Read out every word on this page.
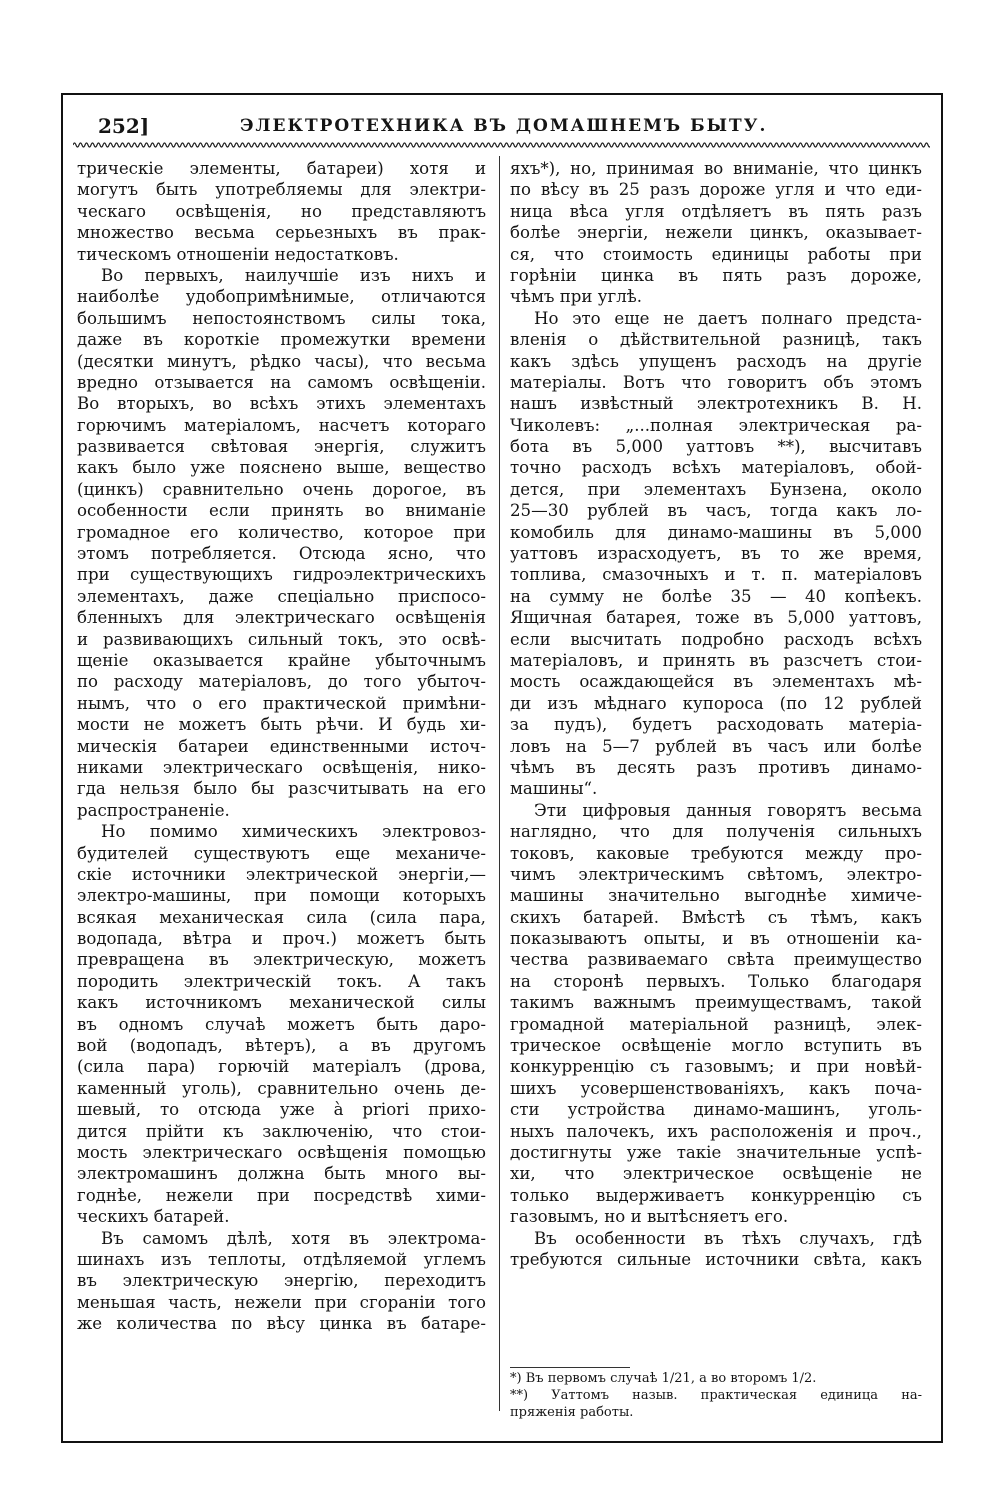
252]	ЭЛЕКТРОТЕХНИКА ВЪ ДОМАШНЕМЪ БЫТУ.
трическіе элементы, батареи) хотя и
могутъ быть употребляемы для электри-
ческаго освѣщенія, но представляютъ
множество весьма серьезныхъ въ прак-
тическомъ отношеніи недостатковъ.
Во первыхъ, наилучшіе изъ нихъ и
наиболѣе удобопримѣнимые, отличаются
большимъ непостоянствомъ силы тока,
даже въ короткіе промежутки времени
(десятки минутъ, рѣдко часы), что весьма
вредно отзывается на самомъ освѣщеніи.
Во вторыхъ, во всѣхъ этихъ элементахъ
горючимъ матеріаломъ, насчетъ котораго
развивается свѣтовая энергія, служитъ
какъ было уже пояснено выше, вещество
(цинкъ) сравнительно очень дорогое, въ
особенности если принять во вниманіе
громадное его количество, которое при
этомъ потребляется. Отсюда ясно, что
при существующихъ гидроэлектрическихъ
элементахъ, даже спеціально приспосо-
бленныхъ для электрическаго освѣщенія
и развивающихъ сильный токъ, это освѣ-
щеніе оказывается крайне убыточнымъ
по расходу матеріаловъ, до того убыточ-
нымъ, что о его практической примѣни-
мости не можетъ быть рѣчи. И будь хи-
мическія батареи единственными источ-
никами электрическаго освѣщенія, нико-
гда нельзя было бы разсчитывать на его
распространеніе.
Но помимо химическихъ электровоз-
будителей существуютъ еще механиче-
скіе источники электрической энергіи,—
электро-машины, при помощи которыхъ
всякая механическая сила (сила пара,
водопада, вѣтра и проч.) можетъ быть
превращена въ электрическую, можетъ
породить электрическій токъ. А такъ
какъ источникомъ механической силы
въ одномъ случаѣ можетъ быть даро-
вой (водопадъ, вѣтеръ), а въ другомъ
(сила пара) горючій матеріалъ (дрова,
каменный уголь), сравнительно очень де-
шевый, то отсюда уже à priori прихо-
дится прійти къ заключенію, что стои-
мость электрическаго освѣщенія помощью
электромашинъ должна быть много вы-
годнѣе, нежели при посредствѣ хими-
ческихъ батарей.
Въ самомъ дѣлѣ, хотя въ электрома-
шинахъ изъ теплоты, отдѣляемой углемъ
въ электрическую энергію, переходитъ
меньшая часть, нежели при сгораніи того
же количества по вѣсу цинка въ батаре-
яхъ*), но, принимая во вниманіе, что цинкъ
по вѣсу въ 25 разъ дороже угля и что еди-
ница вѣса угля отдѣляетъ въ пять разъ
болѣе энергіи, нежели цинкъ, оказывает-
ся, что стоимость единицы работы при
горѣніи цинка въ пять разъ дороже,
чѣмъ при углѣ.
Но это еще не даетъ полнаго предста-
вленія о дѣйствительной разницѣ, такъ
какъ здѣсь упущенъ расходъ на другіе
матеріалы. Вотъ что говоритъ объ этомъ
нашъ извѣстный электротехникъ В. Н.
Чиколевъ: „...полная электрическая ра-
бота въ 5,000 уаттовъ **), высчитавъ
точно расходъ всѣхъ матеріаловъ, обой-
дется, при элементахъ Бунзена, около
25—30 рублей въ часъ, тогда какъ ло-
комобиль для динамо-машины въ 5,000
уаттовъ израсходуетъ, въ то же время,
топлива, смазочныхъ и т. п. матеріаловъ
на сумму не болѣе 35 — 40 копѣекъ.
Ящичная батарея, тоже въ 5,000 уаттовъ,
если высчитать подробно расходъ всѣхъ
матеріаловъ, и принять въ разсчетъ стои-
мость осаждающейся въ элементахъ мѣ-
ди изъ мѣднаго купороса (по 12 рублей
за пудъ), будетъ расходовать матеріа-
ловъ на 5—7 рублей въ часъ или болѣе
чѣмъ въ десять разъ противъ динамо-
машины“.
Эти цифровыя данныя говорятъ весьма
наглядно, что для полученія сильныхъ
токовъ, каковые требуются между про-
чимъ электрическимъ свѣтомъ, электро-
машины значительно выгоднѣе химиче-
скихъ батарей. Вмѣстѣ съ тѣмъ, какъ
показываютъ опыты, и въ отношеніи ка-
чества развиваемаго свѣта преимущество
на сторонѣ первыхъ. Только благодаря
такимъ важнымъ преимуществамъ, такой
громадной матеріальной разницѣ, элек-
трическое освѣщеніе могло вступить въ
конкурренцію съ газовымъ; и при новѣй-
шихъ усовершенствованіяхъ, какъ поча-
сти устройства динамо-машинъ, уголь-
ныхъ палочекъ, ихъ расположенія и проч.,
достигнуты уже такіе значительные успѣ-
хи, что электрическое освѣщеніе не
только выдерживаетъ конкурренцію съ
газовымъ, но и вытѣсняетъ его.
Въ особенности въ тѣхъ случахъ, гдѣ
требуются сильные источники свѣта, какъ
*) Въ первомъ случаѣ 1/21, а во второмъ 1/2.
**) Уаттомъ назыв. практическая единица на-
пряженія работы.
